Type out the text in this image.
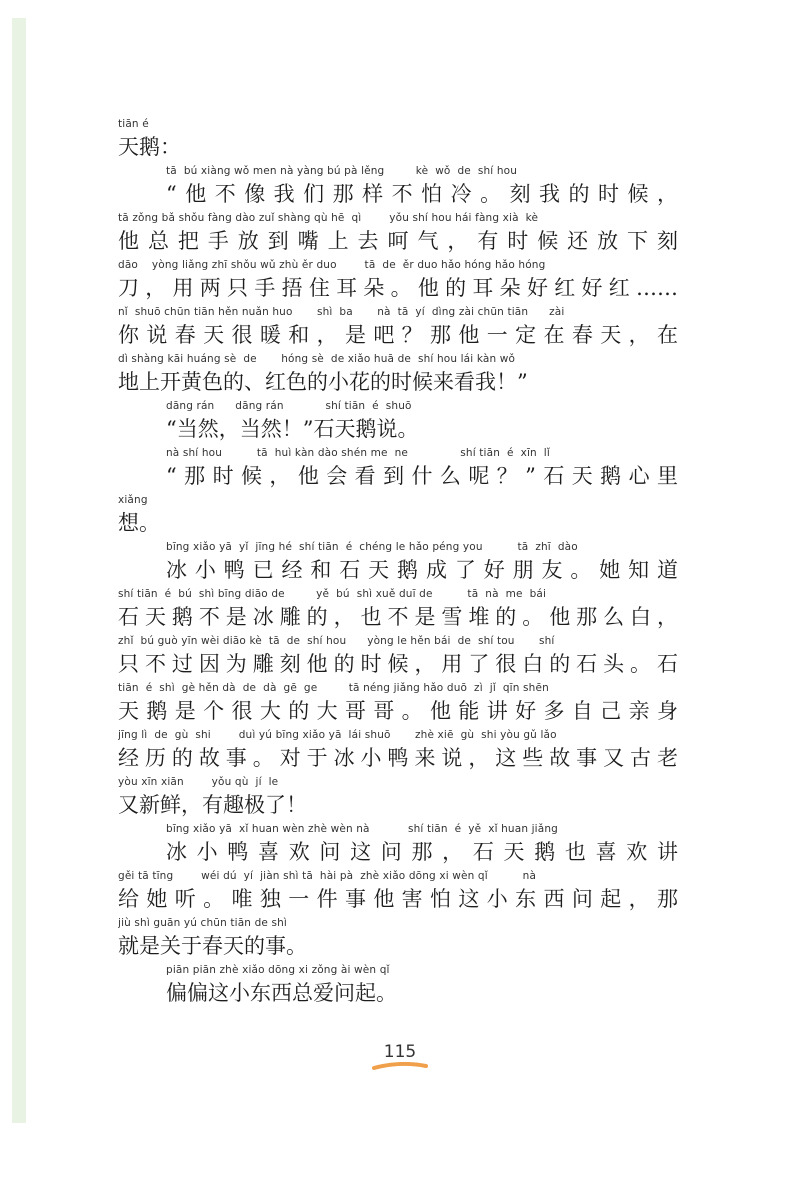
tiān é
天鹅：
tā  bú xiàng wǒ men nà yàng bú pà lěng         kè  wǒ  de  shí hou
“他不像我们那样不怕冷。刻我的时候，
tā zǒng bǎ shǒu fàng dào zuǐ shàng qù hē  qì        yǒu shí hou hái fàng xià  kè
他总把手放到嘴上去呵气，有时候还放下刻
dāo    yòng liǎng zhī shǒu wǔ zhù ěr duo        tā  de  ěr duo hǎo hóng hǎo hóng
刀，用两只手捂住耳朵。他的耳朵好红好红……
nǐ  shuō chūn tiān hěn nuǎn huo       shì  ba       nà  tā  yí  dìng zài chūn tiān      zài
你说春天很暖和，是吧？那他一定在春天，在
dì shàng kāi huáng sè  de       hóng sè  de xiǎo huā de  shí hou lái kàn wǒ
地上开黄色的、红色的小花的时候来看我！”
dāng rán      dāng rán            shí tiān  é  shuō
“当然，当然！”石天鹅说。
nà shí hou          tā  huì kàn dào shén me  ne               shí tiān  é  xīn  lǐ
“那时候，他会看到什么呢？”石天鹅心里
xiǎng
想。
bīng xiǎo yā  yǐ  jīng hé  shí tiān  é  chéng le hǎo péng you          tā  zhī  dào
冰小鸭已经和石天鹅成了好朋友。她知道
shí tiān  é  bú  shì bīng diāo de         yě  bú  shì xuě duī de          tā  nà  me  bái
石天鹅不是冰雕的，也不是雪堆的。他那么白，
zhǐ  bú guò yīn wèi diāo kè  tā  de  shí hou      yòng le hěn bái  de  shí tou       shí
只不过因为雕刻他的时候，用了很白的石头。石
tiān  é  shì  gè hěn dà  de  dà  gē  ge         tā néng jiǎng hǎo duō  zì  jǐ  qīn shēn
天鹅是个很大的大哥哥。他能讲好多自己亲身
jīng lì  de  gù  shi        duì yú bīng xiǎo yā  lái shuō       zhè xiē  gù  shi yòu gǔ lǎo
经历的故事。对于冰小鸭来说，这些故事又古老
yòu xīn xiān        yǒu qù  jí  le
又新鲜，有趣极了！
bīng xiǎo yā  xǐ huan wèn zhè wèn nà           shí tiān  é  yě  xǐ huan jiǎng
冰小鸭喜欢问这问那，石天鹅也喜欢讲
gěi tā tīng        wéi dú  yí  jiàn shì tā  hài pà  zhè xiǎo dōng xi wèn qǐ          nà
给她听。唯独一件事他害怕这小东西问起，那
jiù shì guān yú chūn tiān de shì
就是关于春天的事。
piān piān zhè xiǎo dōng xi zǒng ài wèn qǐ
偏偏这小东西总爱问起。
115
